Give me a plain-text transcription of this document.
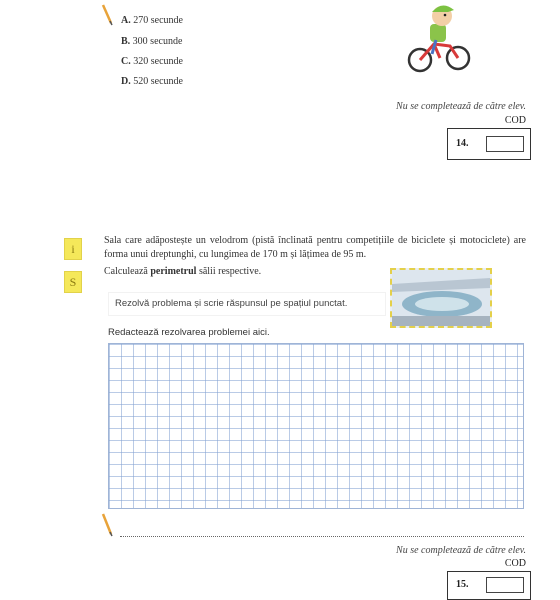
A. 270 secunde
B. 300 secunde
C. 320 secunde
D. 520 secunde
Nu se completează de către elev.
COD
14.
i
S
Sala care adăpostește un velodrom (pistă înclinată pentru competițiile de biciclete și motociclete) are forma unui dreptunghi, cu lungimea de 170 m și lățimea de 95 m.
Calculează perimetrul sălii respective.
Rezolvă problema și scrie răspunsul pe spațiul punctat.
Redactează rezolvarea problemei aici.
Nu se completează de către elev.
COD
15.
